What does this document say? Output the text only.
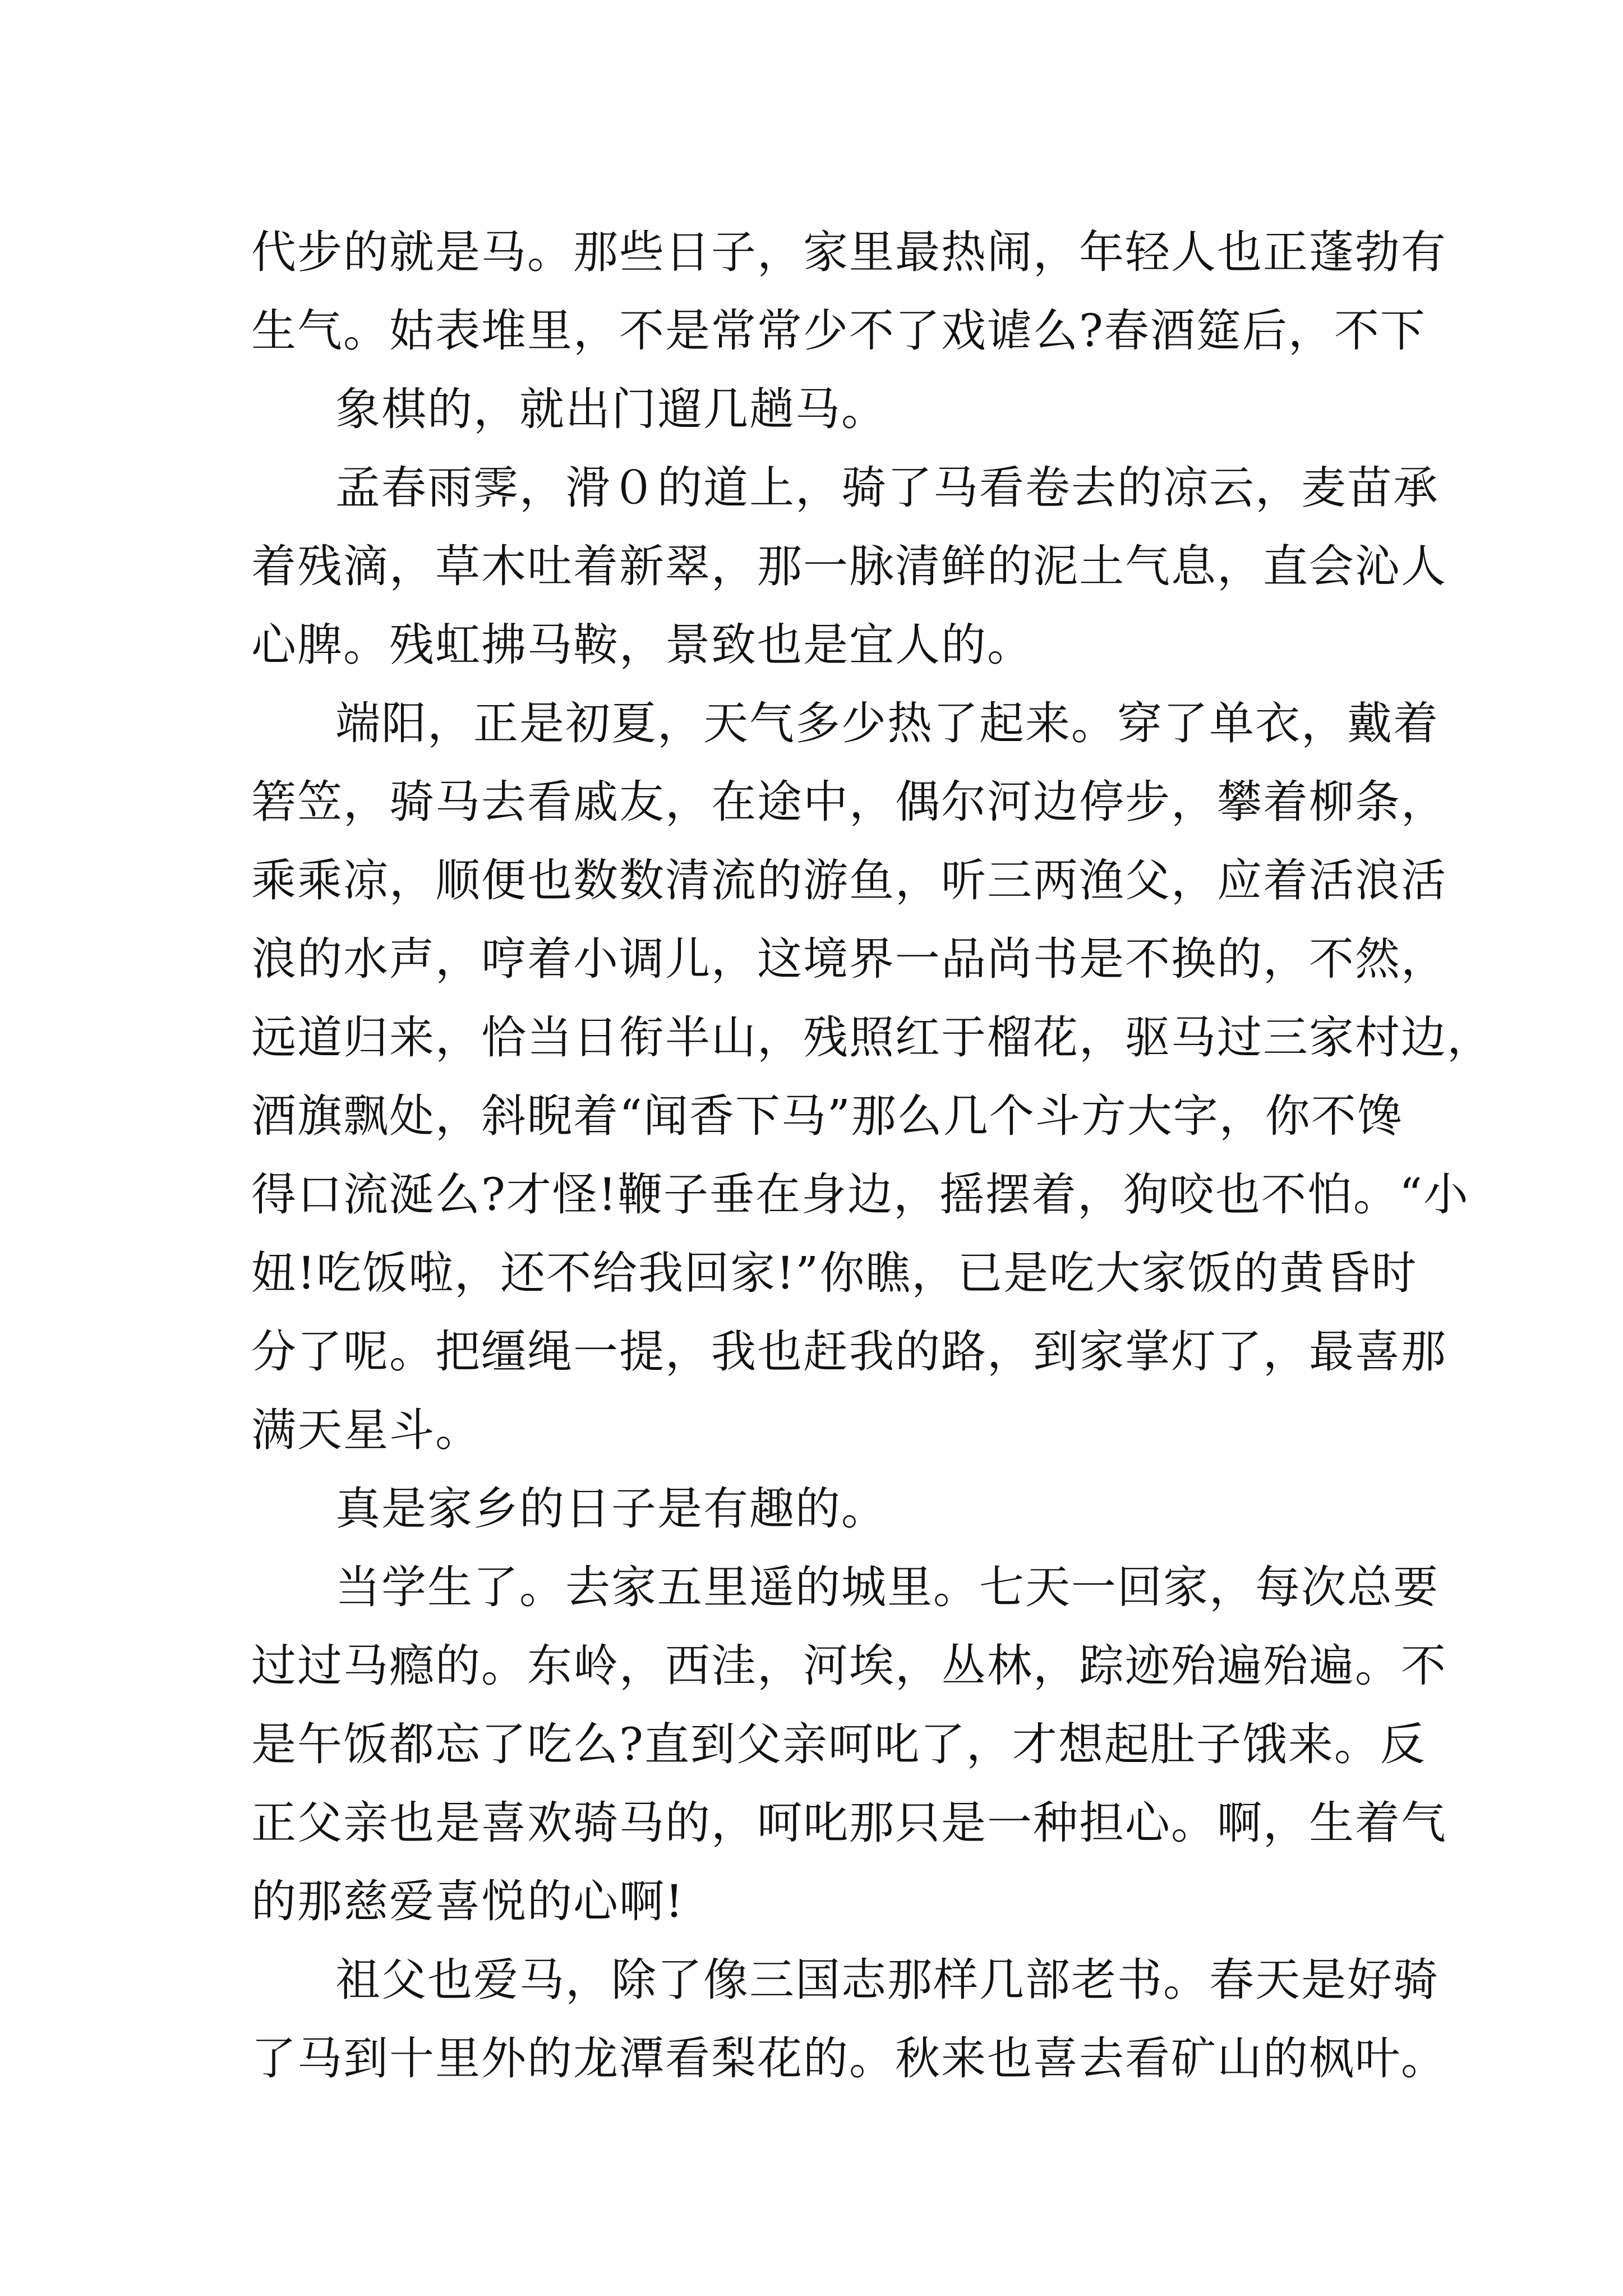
代步的就是马。那些日子，家里最热闹，年轻人也正蓬勃有
生气。姑表堆里，不是常常少不了戏谑么?春酒筵后，不下
象棋的，就出门遛几趟马。
孟春雨霁，滑０的道上，骑了马看卷去的凉云，麦苗承
着残滴，草木吐着新翠，那一脉清鲜的泥土气息，直会沁人
心脾。残虹拂马鞍，景致也是宜人的。
端阳，正是初夏，天气多少热了起来。穿了单衣，戴着
箬笠，骑马去看戚友，在途中，偶尔河边停步，攀着柳条，
乘乘凉，顺便也数数清流的游鱼，听三两渔父，应着活浪活
浪的水声，哼着小调儿，这境界一品尚书是不换的，不然，
远道归来，恰当日衔半山，残照红于榴花，驱马过三家村边，
酒旗飘处，斜睨着“闻香下马”那么几个斗方大字，你不馋
得口流涎么?才怪!鞭子垂在身边，摇摆着，狗咬也不怕。“小
妞!吃饭啦，还不给我回家!”你瞧，已是吃大家饭的黄昏时
分了呢。把缰绳一提，我也赶我的路，到家掌灯了，最喜那
满天星斗。
真是家乡的日子是有趣的。
当学生了。去家五里遥的城里。七天一回家，每次总要
过过马瘾的。东岭，西洼，河埃，丛林，踪迹殆遍殆遍。不
是午饭都忘了吃么?直到父亲呵叱了，才想起肚子饿来。反
正父亲也是喜欢骑马的，呵叱那只是一种担心。啊，生着气
的那慈爱喜悦的心啊!
祖父也爱马，除了像三国志那样几部老书。春天是好骑
了马到十里外的龙潭看梨花的。秋来也喜去看矿山的枫叶。
